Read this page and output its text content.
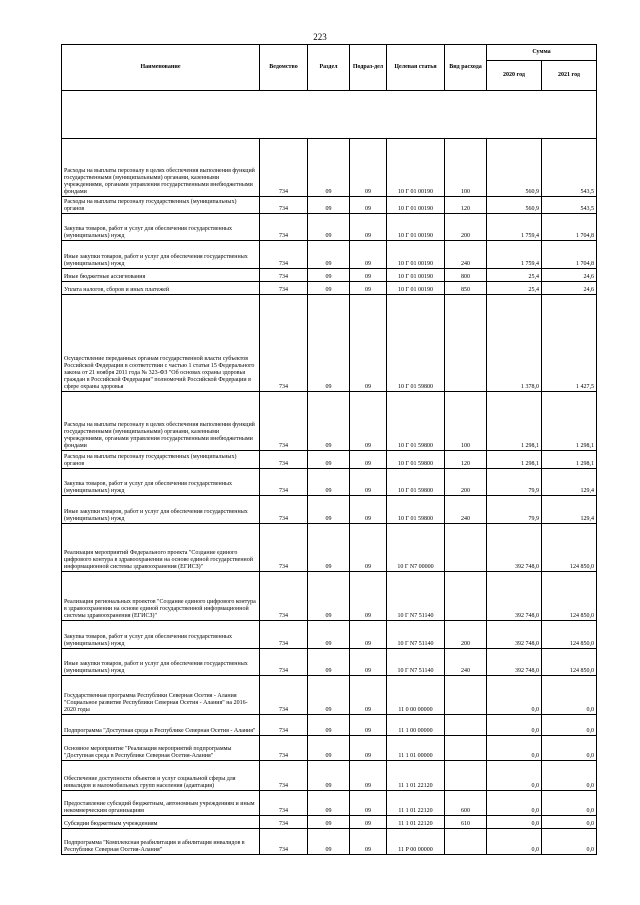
223
Наименование	Ведомство	Раздел	Подраз-дел	Целевая статья	Вид расхода	Сумма	
						2020 год	2021 год

Расходы на выплаты персоналу в целях обеспечения выполнения функций государственными (муниципальными) органами, казенными учреждениями, органами управления государственными внебюджетными фондами	734	09	09	10 Г 01 00190	100	560,9	543,5
Расходы на выплаты персоналу государственных (муниципальных) органов	734	09	09	10 Г 01 00190	120	560,9	543,5
Закупка товаров, работ и услуг для обеспечения государственных (муниципальных) нужд	734	09	09	10 Г 01 00190	200	1 759,4	1 704,8
Иные закупки товаров, работ и услуг для обеспечения государственных (муниципальных) нужд	734	09	09	10 Г 01 00190	240	1 759,4	1 704,8
Иные бюджетные ассигнования	734	09	09	10 Г 01 00190	800	25,4	24,6
Уплата налогов, сборов и иных платежей	734	09	09	10 Г 01 00190	850	25,4	24,6
Осуществление переданных органам государственной власти субъектов Российской Федерации в соответствии с частью 1 статьи 15 Федерального закона от 21 ноября 2011 года № 323-ФЗ "Об основах охраны здоровья граждан в Российской Федерации" полномочий Российской Федерации в сфере охраны здоровья	734	09	09	10 Г 01 59800		1 378,0	1 427,5
Расходы на выплаты персоналу в целях обеспечения выполнения функций государственными (муниципальными) органами, казенными учреждениями, органами управления государственными внебюджетными фондами	734	09	09	10 Г 01 59800	100	1 298,1	1 298,1
Расходы на выплаты персоналу государственных (муниципальных) органов	734	09	09	10 Г 01 59800	120	1 298,1	1 298,1
Закупка товаров, работ и услуг для обеспечения государственных (муниципальных) нужд	734	09	09	10 Г 01 59800	200	79,9	129,4
Иные закупки товаров, работ и услуг для обеспечения государственных (муниципальных) нужд	734	09	09	10 Г 01 59800	240	79,9	129,4
Реализация мероприятий Федерального проекта "Создание единого цифрового контура в здравоохранении на основе единой государственной информационной системы здравоохранения (ЕГИСЗ)"	734	09	09	10 Г N7 00000		392 748,0	124 850,0
Реализация региональных проектов "Создание единого цифрового контура в здравоохранении на основе единой государственной информационной системы здравоохранения (ЕГИСЗ)"	734	09	09	10 Г N7 51140		392 748,0	124 850,0
Закупка товаров, работ и услуг для обеспечения государственных (муниципальных) нужд	734	09	09	10 Г N7 51140	200	392 748,0	124 850,0
Иные закупки товаров, работ и услуг для обеспечения государственных (муниципальных) нужд	734	09	09	10 Г N7 51140	240	392 748,0	124 850,0
Государственная программа Республики Северная Осетия - Алания "Социальное развитие Республики Северная Осетия - Алания" на 2016-2020 годы	734	09	09	11 0 00 00000		0,0	0,0
Подпрограмма "Доступная среда в Республике Северная Осетия - Алания"	734	09	09	11 1 00 00000		0,0	0,0
Основное мероприятие "Реализация мероприятий подпрограммы "Доступная среда в Республике Северная Осетия-Алания"	734	09	09	11 1 01 00000		0,0	0,0
Обеспечение доступности объектов и услуг социальной сферы для инвалидов и маломобильных групп населения (адаптация)	734	09	09	11 1 01 22120		0,0	0,0
Предоставление субсидий бюджетным, автономным учреждениям и иным некоммерческим организациям	734	09	09	11 1 01 22120	600	0,0	0,0
Субсидии бюджетным учреждениям	734	09	09	11 1 01 22120	610	0,0	0,0
Подпрограмма "Комплексная реабилитация и абилитация инвалидов в Республике Северная Осетия-Алания"	734	09	09	11 Р 00 00000		0,0	0,0
